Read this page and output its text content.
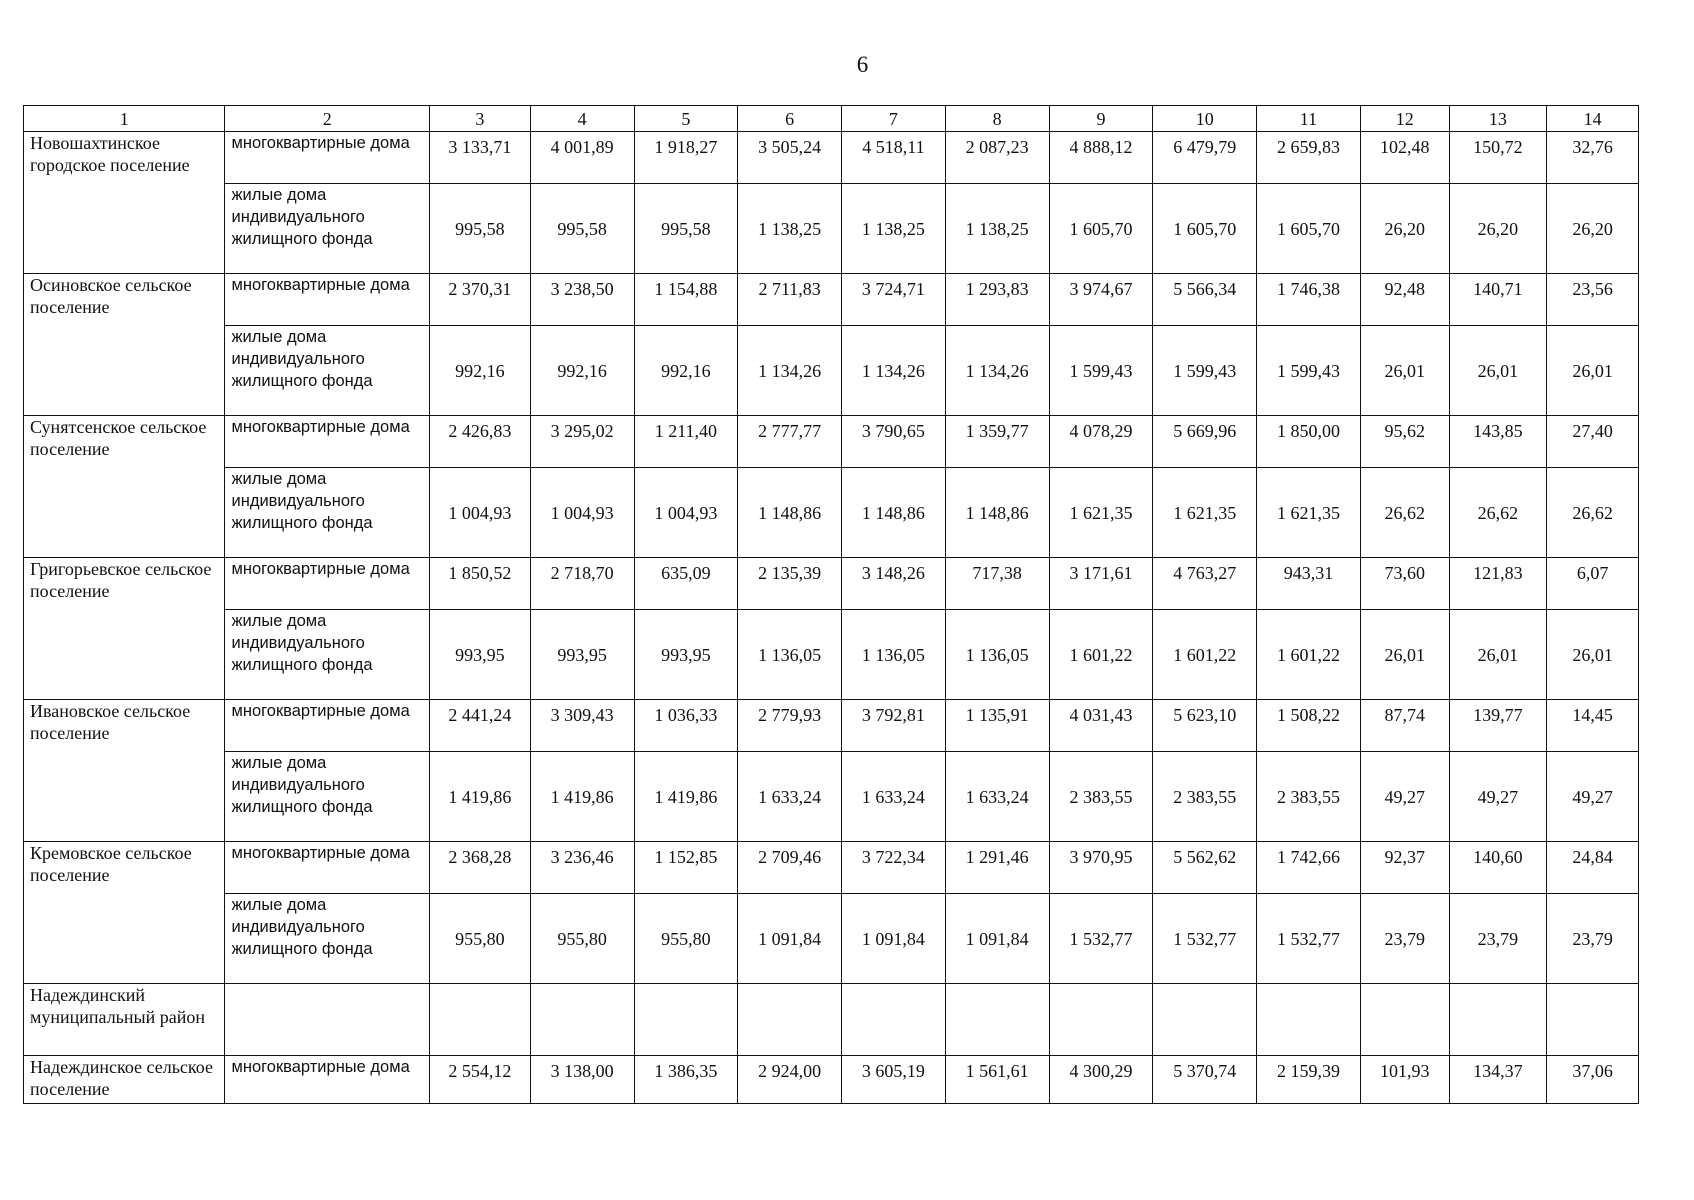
6
1	2	3	4	5	6	7	8	9	10	11	12	13	14
Новошахтинское городское поселение	многоквартирные дома	3 133,71	4 001,89	1 918,27	3 505,24	4 518,11	2 087,23	4 888,12	6 479,79	2 659,83	102,48	150,72	32,76
	жилые дома индивидуального жилищного фонда	995,58	995,58	995,58	1 138,25	1 138,25	1 138,25	1 605,70	1 605,70	1 605,70	26,20	26,20	26,20
Осиновское сельское поселение	многоквартирные дома	2 370,31	3 238,50	1 154,88	2 711,83	3 724,71	1 293,83	3 974,67	5 566,34	1 746,38	92,48	140,71	23,56
	жилые дома индивидуального жилищного фонда	992,16	992,16	992,16	1 134,26	1 134,26	1 134,26	1 599,43	1 599,43	1 599,43	26,01	26,01	26,01
Сунятсенское сельское поселение	многоквартирные дома	2 426,83	3 295,02	1 211,40	2 777,77	3 790,65	1 359,77	4 078,29	5 669,96	1 850,00	95,62	143,85	27,40
	жилые дома индивидуального жилищного фонда	1 004,93	1 004,93	1 004,93	1 148,86	1 148,86	1 148,86	1 621,35	1 621,35	1 621,35	26,62	26,62	26,62
Григорьевское сельское поселение	многоквартирные дома	1 850,52	2 718,70	635,09	2 135,39	3 148,26	717,38	3 171,61	4 763,27	943,31	73,60	121,83	6,07
	жилые дома индивидуального жилищного фонда	993,95	993,95	993,95	1 136,05	1 136,05	1 136,05	1 601,22	1 601,22	1 601,22	26,01	26,01	26,01
Ивановское сельское поселение	многоквартирные дома	2 441,24	3 309,43	1 036,33	2 779,93	3 792,81	1 135,91	4 031,43	5 623,10	1 508,22	87,74	139,77	14,45
	жилые дома индивидуального жилищного фонда	1 419,86	1 419,86	1 419,86	1 633,24	1 633,24	1 633,24	2 383,55	2 383,55	2 383,55	49,27	49,27	49,27
Кремовское сельское поселение	многоквартирные дома	2 368,28	3 236,46	1 152,85	2 709,46	3 722,34	1 291,46	3 970,95	5 562,62	1 742,66	92,37	140,60	24,84
	жилые дома индивидуального жилищного фонда	955,80	955,80	955,80	1 091,84	1 091,84	1 091,84	1 532,77	1 532,77	1 532,77	23,79	23,79	23,79
Надеждинский муниципальный район													
Надеждинское сельское поселение	многоквартирные дома	2 554,12	3 138,00	1 386,35	2 924,00	3 605,19	1 561,61	4 300,29	5 370,74	2 159,39	101,93	134,37	37,06
